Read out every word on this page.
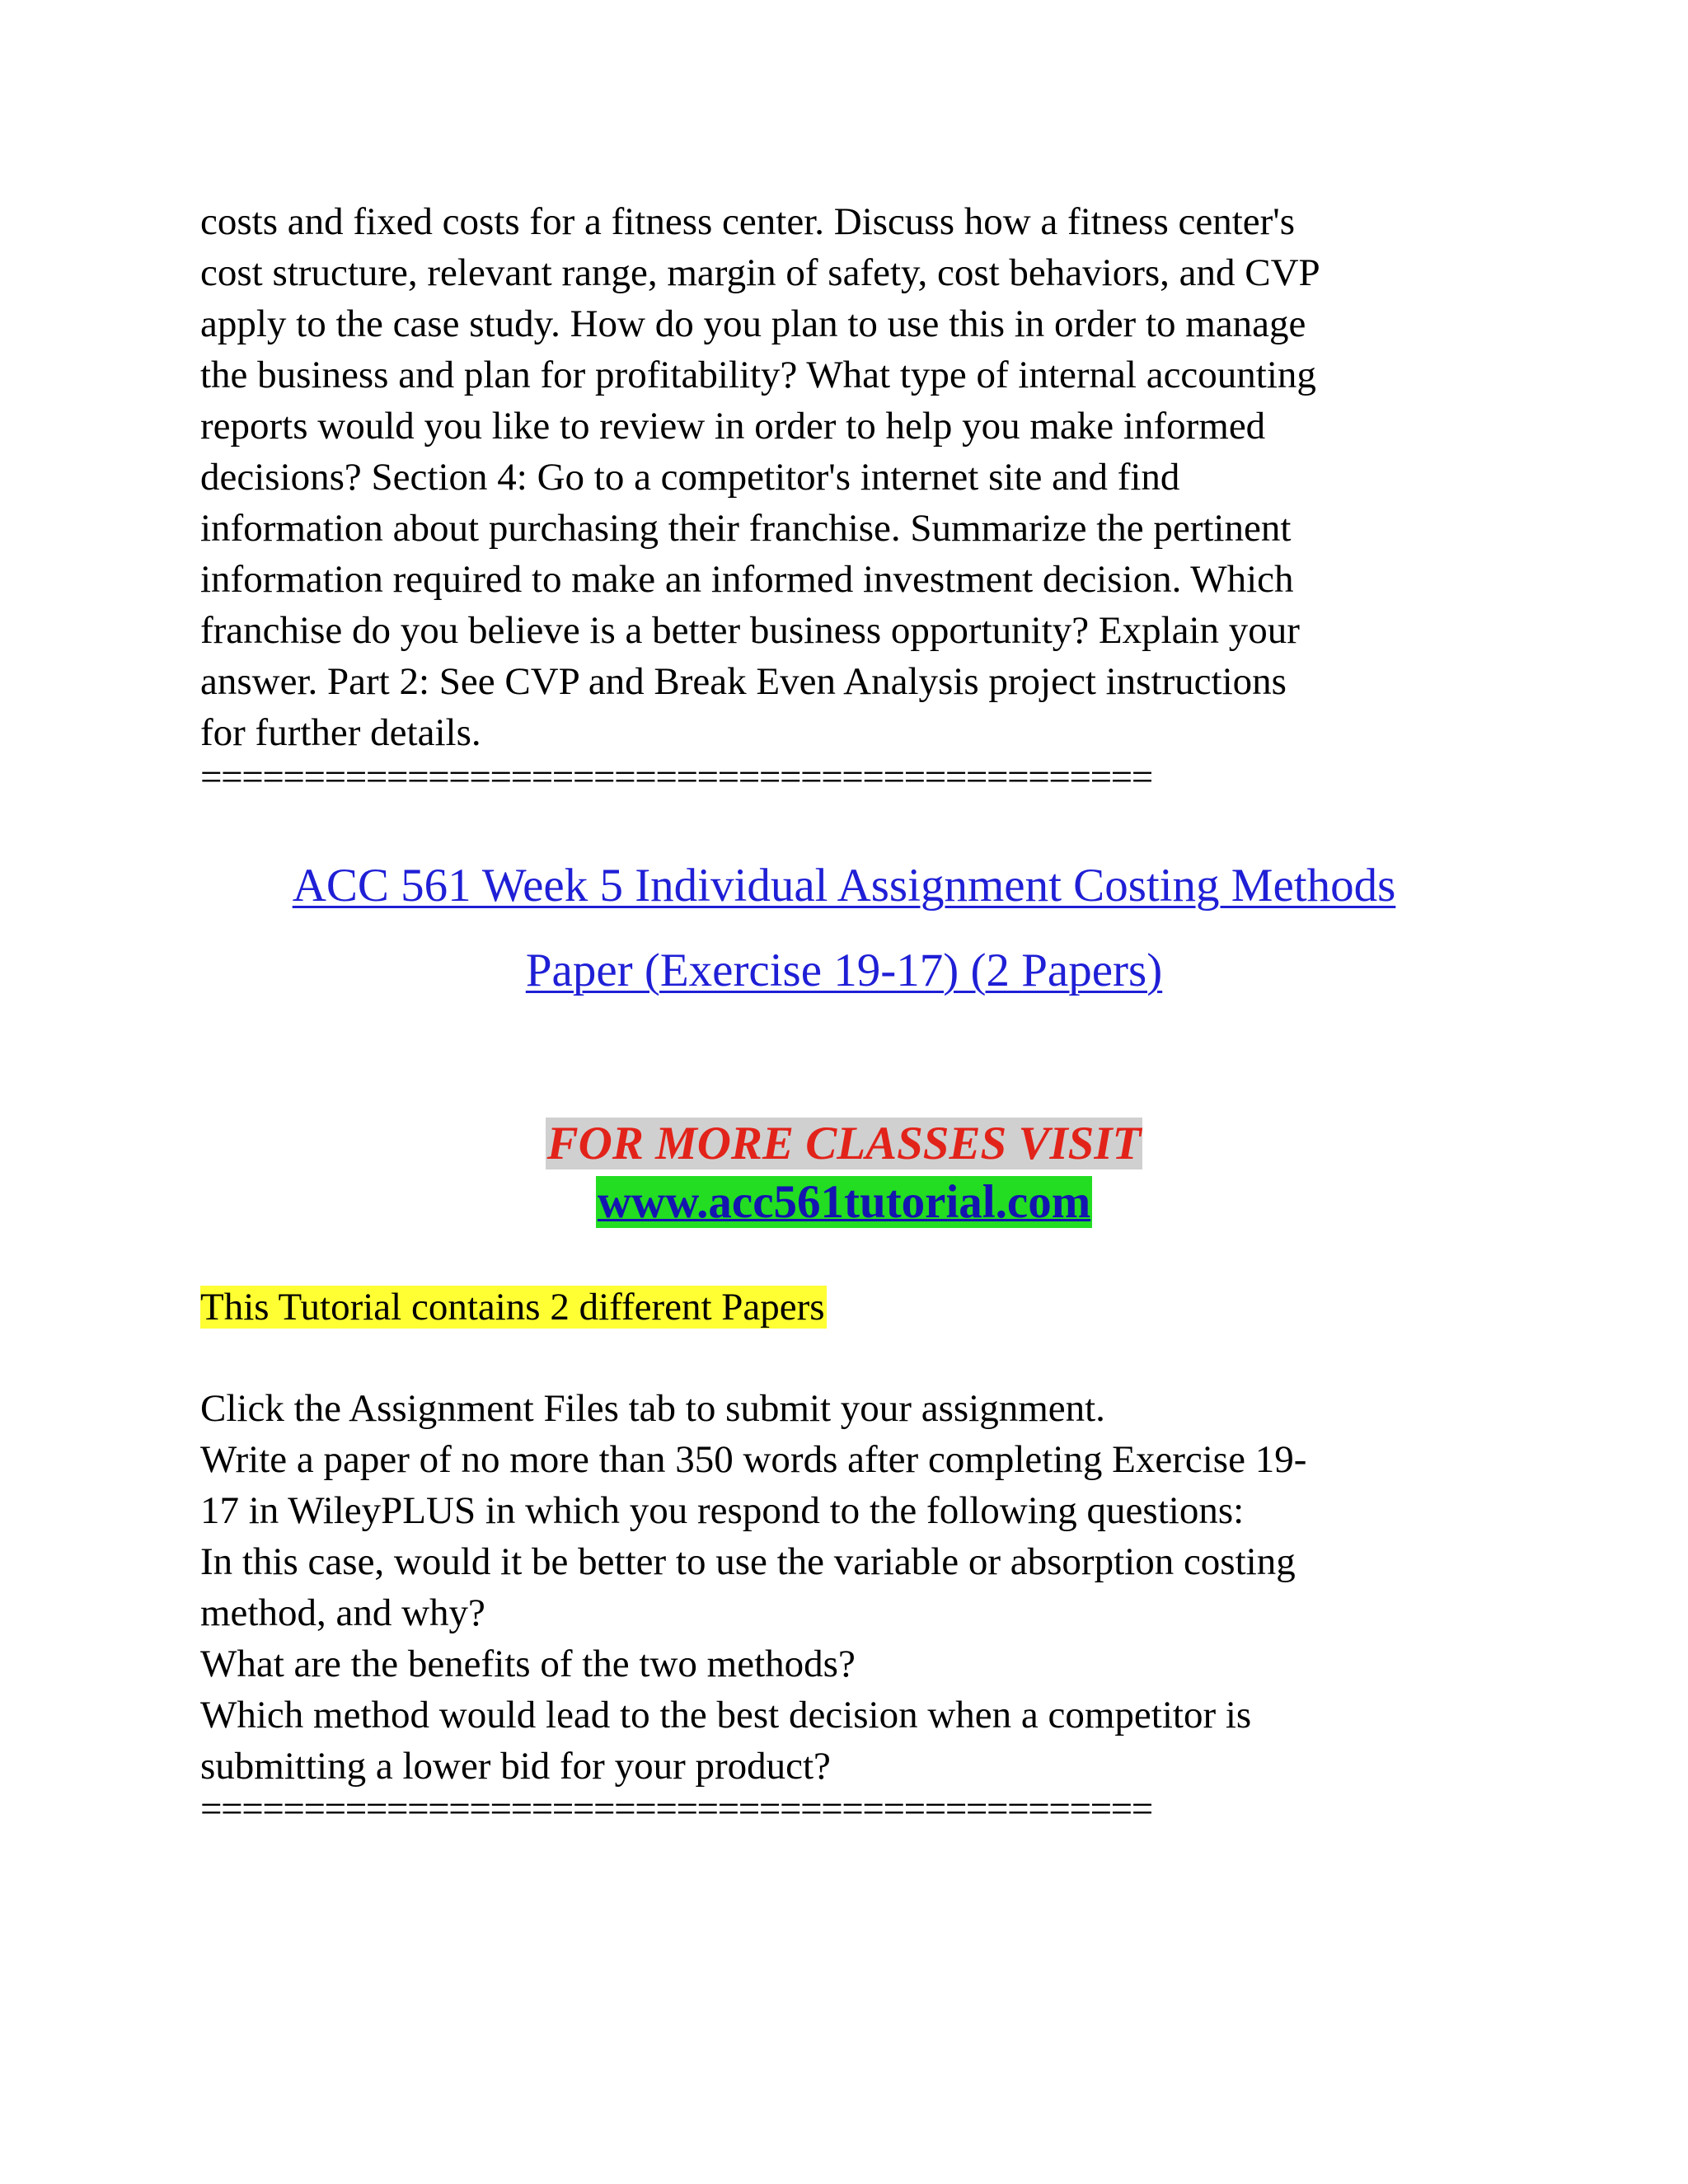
costs and fixed costs for a fitness center. Discuss how a fitness center's
cost structure, relevant range, margin of safety, cost behaviors, and CVP
apply to the case study. How do you plan to use this in order to manage
the business and plan for profitability? What type of internal accounting
reports would you like to review in order to help you make informed
decisions? Section 4: Go to a competitor's internet site and find
information about purchasing their franchise. Summarize the pertinent
information required to make an informed investment decision. Which
franchise do you believe is a better business opportunity? Explain your
answer. Part 2: See CVP and Break Even Analysis project instructions
for further details.
==============================================
ACC 561 Week 5 Individual Assignment Costing Methods
Paper (Exercise 19-17) (2 Papers)
FOR MORE CLASSES VISIT
www.acc561tutorial.com
This Tutorial contains 2 different Papers
Click the Assignment Files tab to submit your assignment.
Write a paper of no more than 350 words after completing Exercise 19-
17 in WileyPLUS in which you respond to the following questions:
In this case, would it be better to use the variable or absorption costing
method, and why?
What are the benefits of the two methods?
Which method would lead to the best decision when a competitor is
submitting a lower bid for your product?
==============================================
